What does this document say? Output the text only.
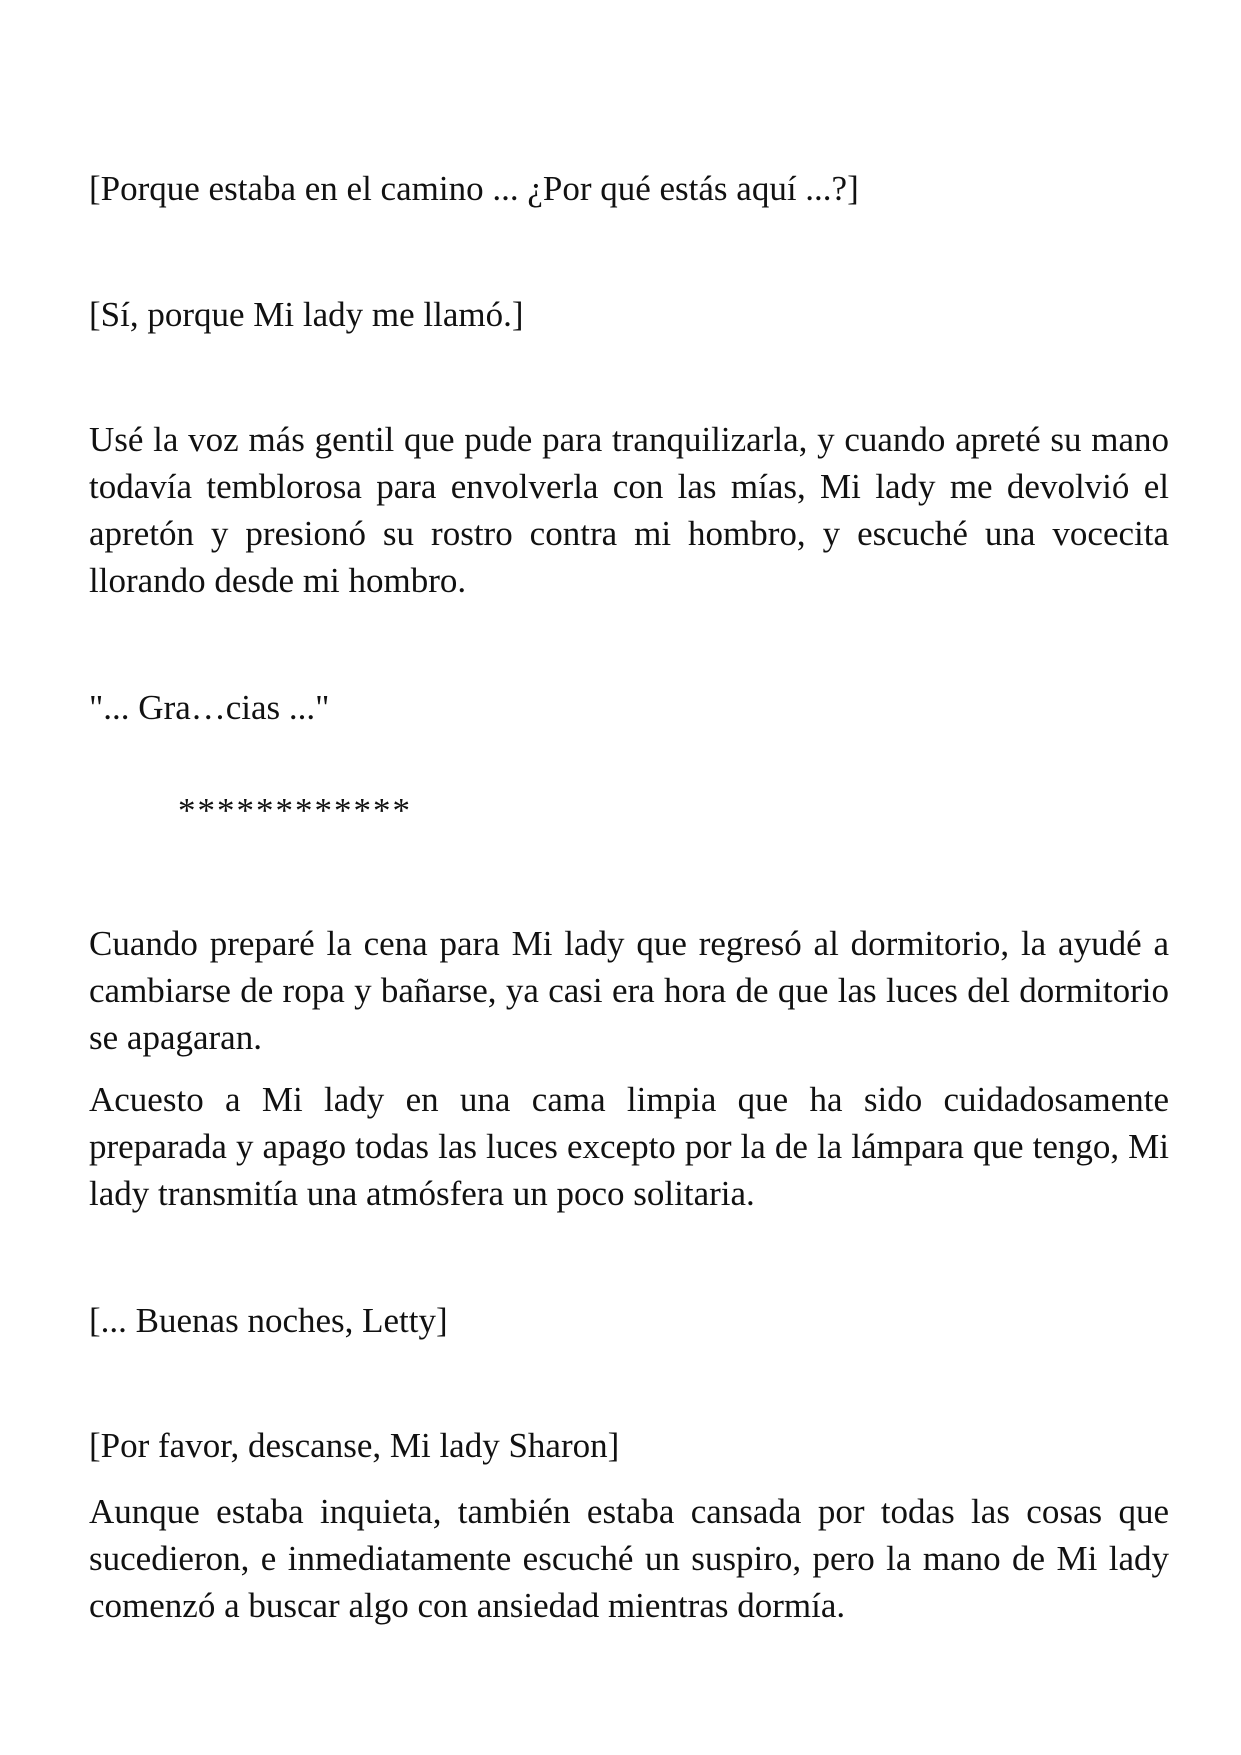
[Porque estaba en el camino ... ¿Por qué estás aquí ...?]

[Sí, porque Mi lady me llamó.]

Usé la voz más gentil que pude para tranquilizarla, y cuando apreté su mano todavía temblorosa para envolverla con las mías, Mi lady me devolvió el apretón y presionó su rostro contra mi hombro, y escuché una vocecita llorando desde mi hombro.

"... Gra…cias ..."

************

Cuando preparé la cena para Mi lady que regresó al dormitorio, la ayudé a cambiarse de ropa y bañarse, ya casi era hora de que las luces del dormitorio se apagaran.

Acuesto a Mi lady en una cama limpia que ha sido cuidadosamente preparada y apago todas las luces excepto por la de la lámpara que tengo, Mi lady transmitía una atmósfera un poco solitaria.

[... Buenas noches, Letty]

[Por favor, descanse, Mi lady Sharon]

Aunque estaba inquieta, también estaba cansada por todas las cosas que sucedieron, e inmediatamente escuché un suspiro, pero la mano de Mi lady comenzó a buscar algo con ansiedad mientras dormía.
